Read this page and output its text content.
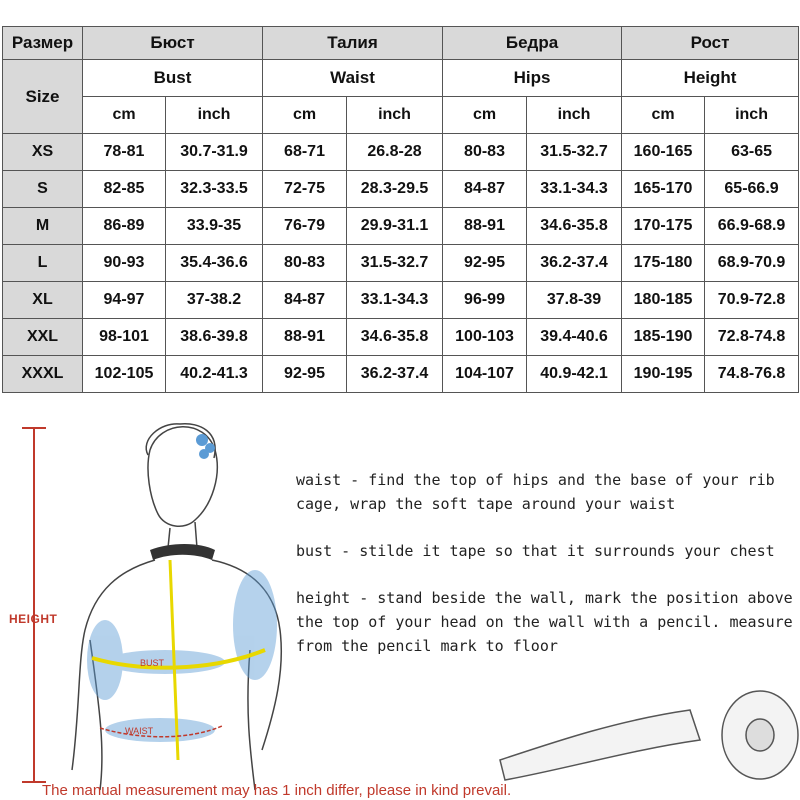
Размер	Бюст		Талия		Бедра		Рост	
Size	Bust		Waist		Hips		Height	
	cm	inch	cm	inch	cm	inch	cm	inch
XS	78-81	30.7-31.9	68-71	26.8-28	80-83	31.5-32.7	160-165	63-65
S	82-85	32.3-33.5	72-75	28.3-29.5	84-87	33.1-34.3	165-170	65-66.9
M	86-89	33.9-35	76-79	29.9-31.1	88-91	34.6-35.8	170-175	66.9-68.9
L	90-93	35.4-36.6	80-83	31.5-32.7	92-95	36.2-37.4	175-180	68.9-70.9
XL	94-97	37-38.2	84-87	33.1-34.3	96-99	37.8-39	180-185	70.9-72.8
XXL	98-101	38.6-39.8	88-91	34.6-35.8	100-103	39.4-40.6	185-190	72.8-74.8
XXXL	102-105	40.2-41.3	92-95	36.2-37.4	104-107	40.9-42.1	190-195	74.8-76.8
BUST
WAIST
HEIGHT

waist - find the top of hips and the base of your rib cage, wrap the soft tape around your waist

bust - stilde it tape so that it surrounds your chest

height - stand beside the wall, mark the position above the top of your head on the wall with a pencil. measure from the pencil mark to floor

The manual measurement may has 1 inch differ, please in kind prevail.
